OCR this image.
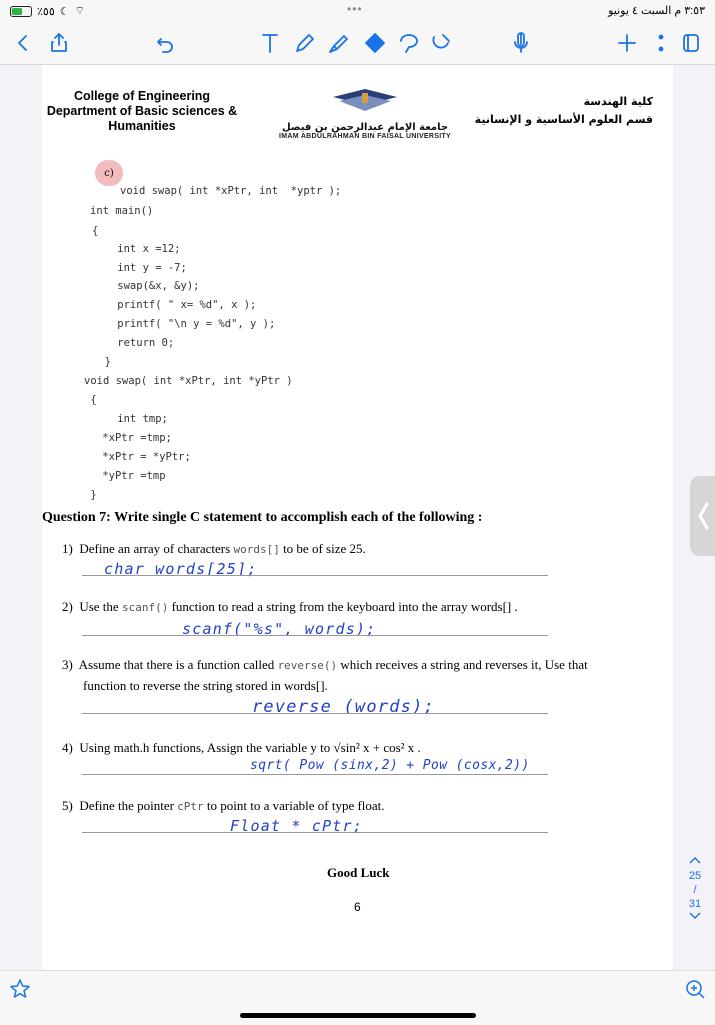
٪٥٥ ☾ ⌔	•••	٣:٥٣ م السبت ٤ يونيو
College of Engineering
Department of Basic sciences &
Humanities	جامعة الإمام عبدالرحمن بن فيصل
IMAM ABDULRAHMAN BIN FAISAL UNIVERSITY
كلية الهندسة
قسم العلوم الأساسية و الإنسانية
c)
void swap( int *xPtr, int  *yptr );
int main()
{
int x =12;
int y = -7;
swap(&x, &y);
printf( " x= %d", x );
printf( "\n y = %d", y );
return 0;
}
void swap( int *xPtr, int *yPtr )
{
int tmp;
*xPtr =tmp;
*xPtr = *yPtr;
*yPtr =tmp
}
Question 7: Write single C statement to accomplish each of the following :
1) Define an array of characters words[] to be of size 25.
char words[25];
2) Use the scanf() function to read a string from the keyboard into the array words[] .
scanf("%s", words);
3) Assume that there is a function called reverse() which receives a string and reverses it, Use that
function to reverse the string stored in words[].
reverse (words);
4) Using math.h functions, Assign the variable y to √sin² x + cos² x .
sqrt( Pow (sinx,2) + Pow (cosx,2))
5) Define the pointer cPtr to point to a variable of type float.
Float * cPtr;
Good Luck
6
25
/
31
